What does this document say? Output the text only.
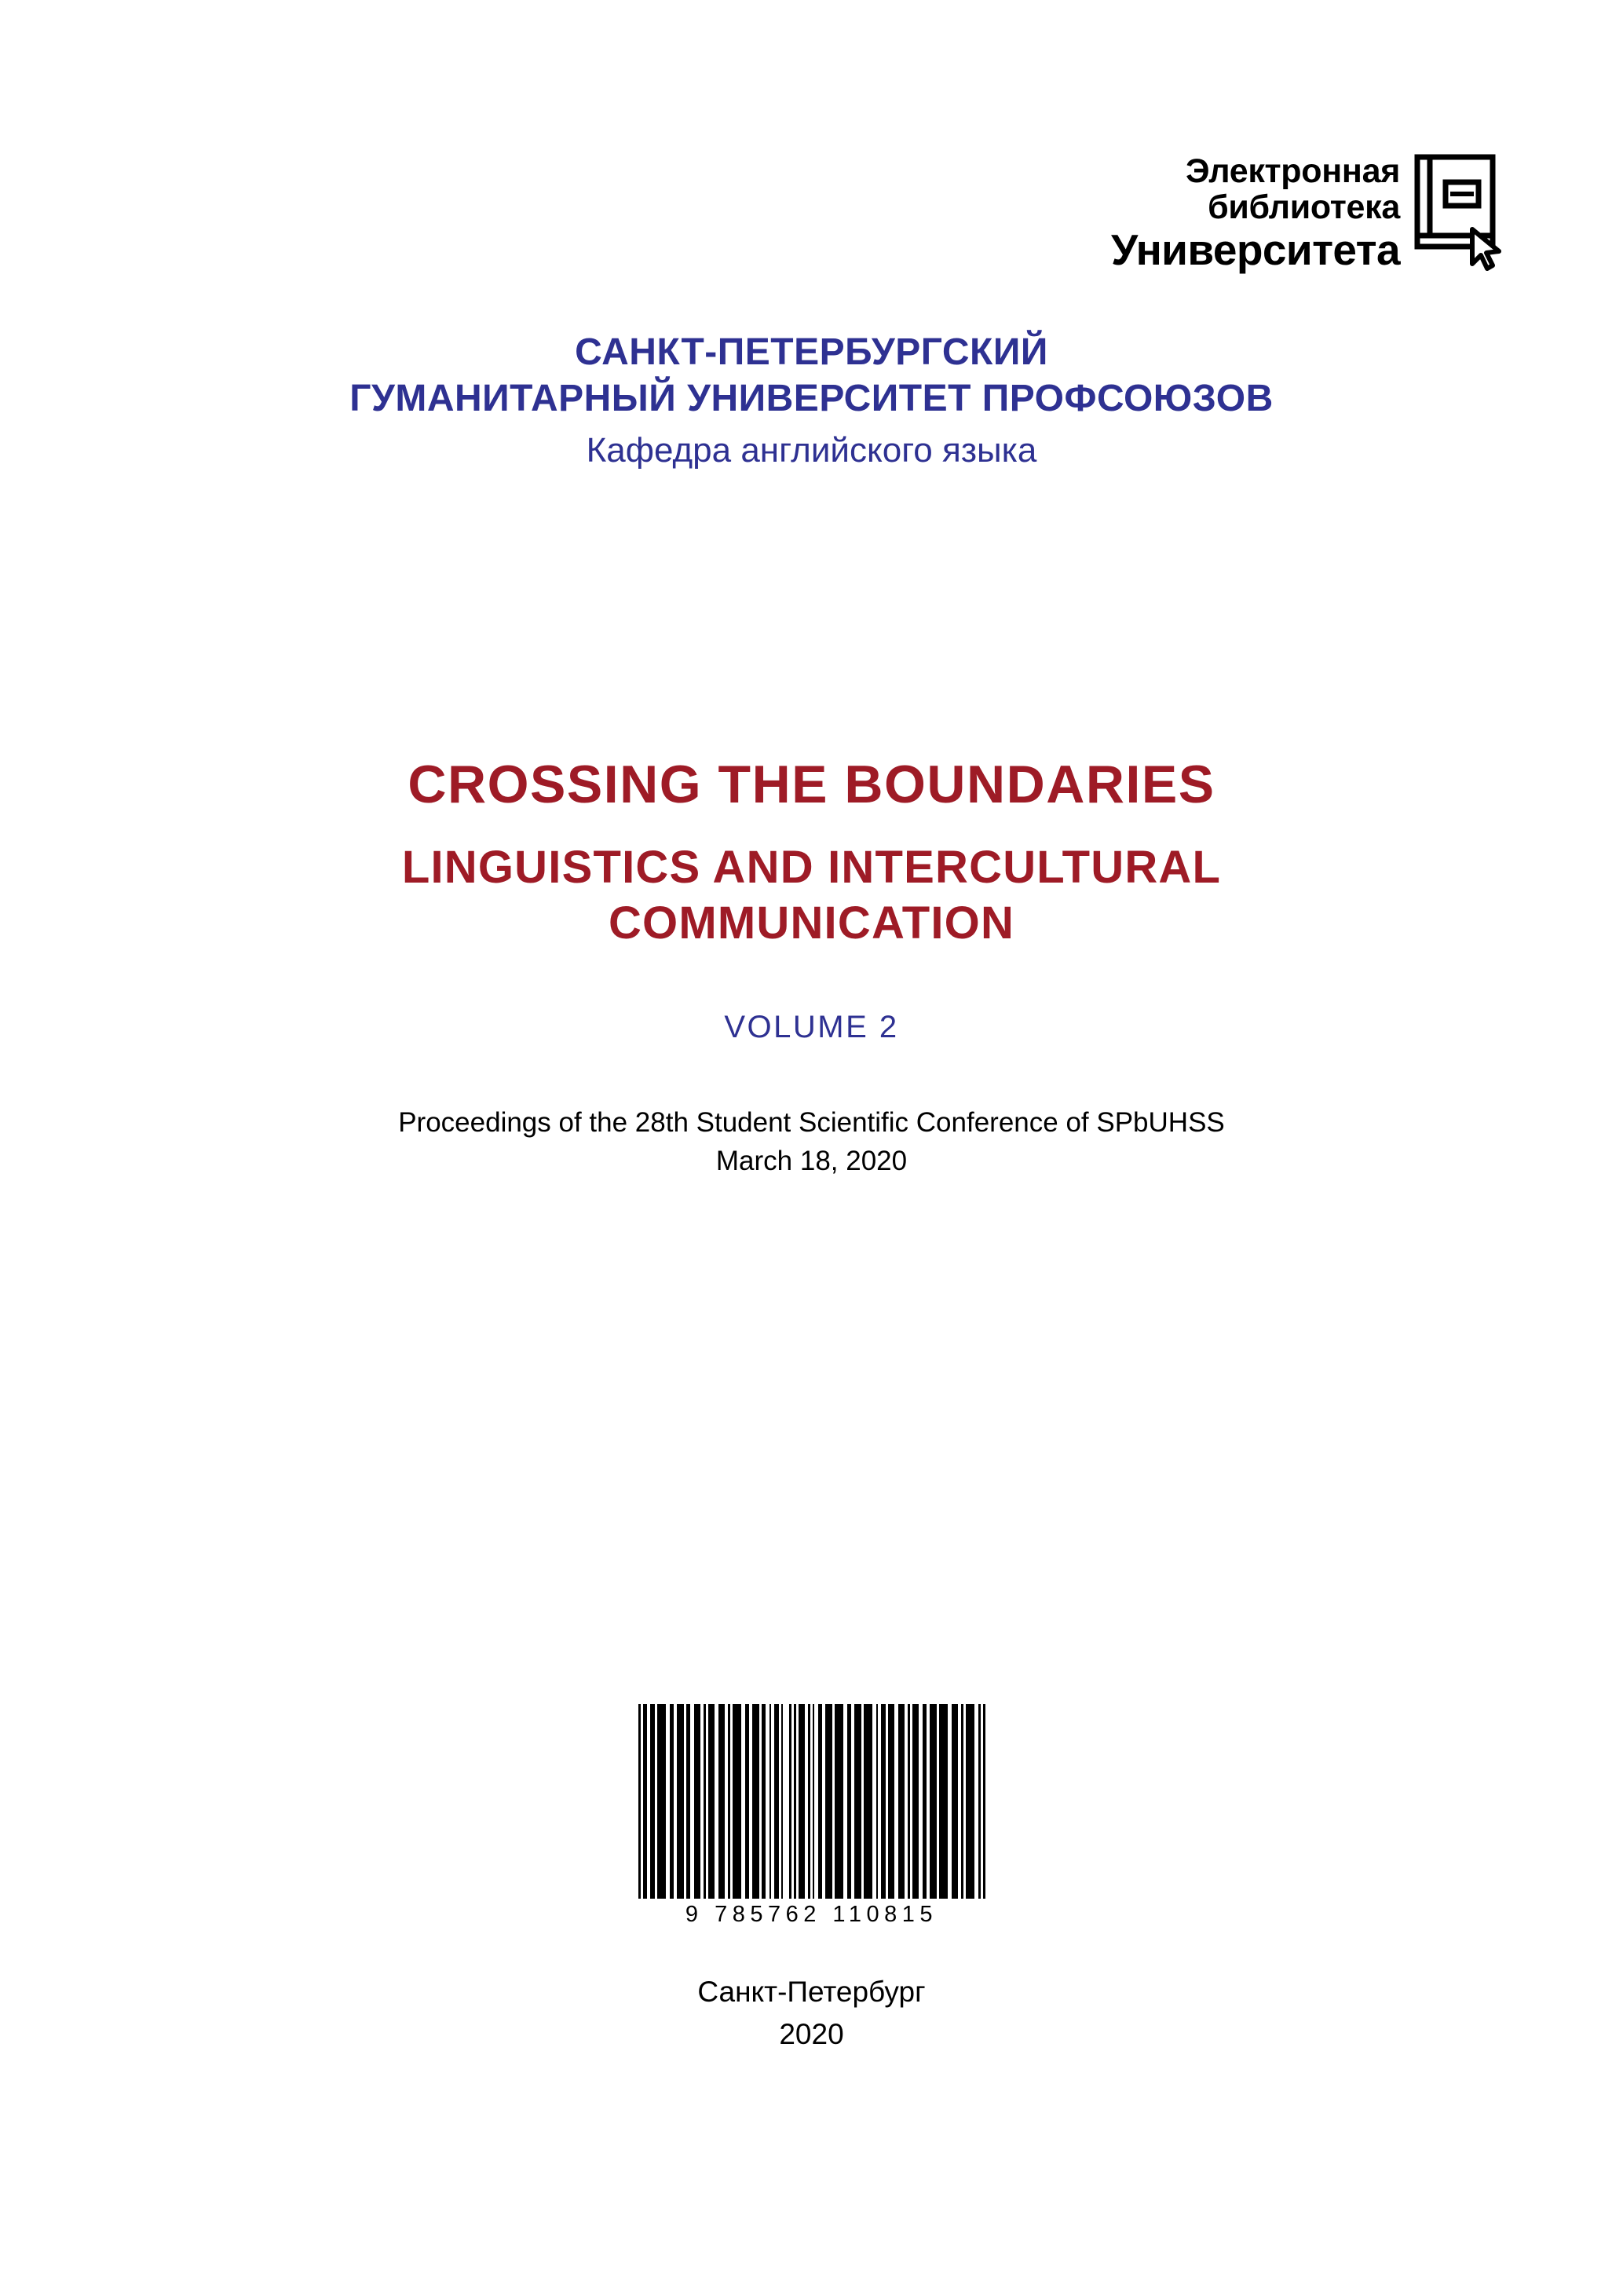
Электронная
библиотека
Университета
САНКТ-ПЕТЕРБУРГСКИЙ
ГУМАНИТАРНЫЙ УНИВЕРСИТЕТ ПРОФСОЮЗОВ
Кафедра английского языка
CROSSING THE BOUNDARIES
LINGUISTICS AND INTERCULTURAL
COMMUNICATION
VOLUME 2
Proceedings of the 28th Student Scientific Conference of SPbUHSS
March 18, 2020
9 785762 110815
Санкт-Петербург
2020
